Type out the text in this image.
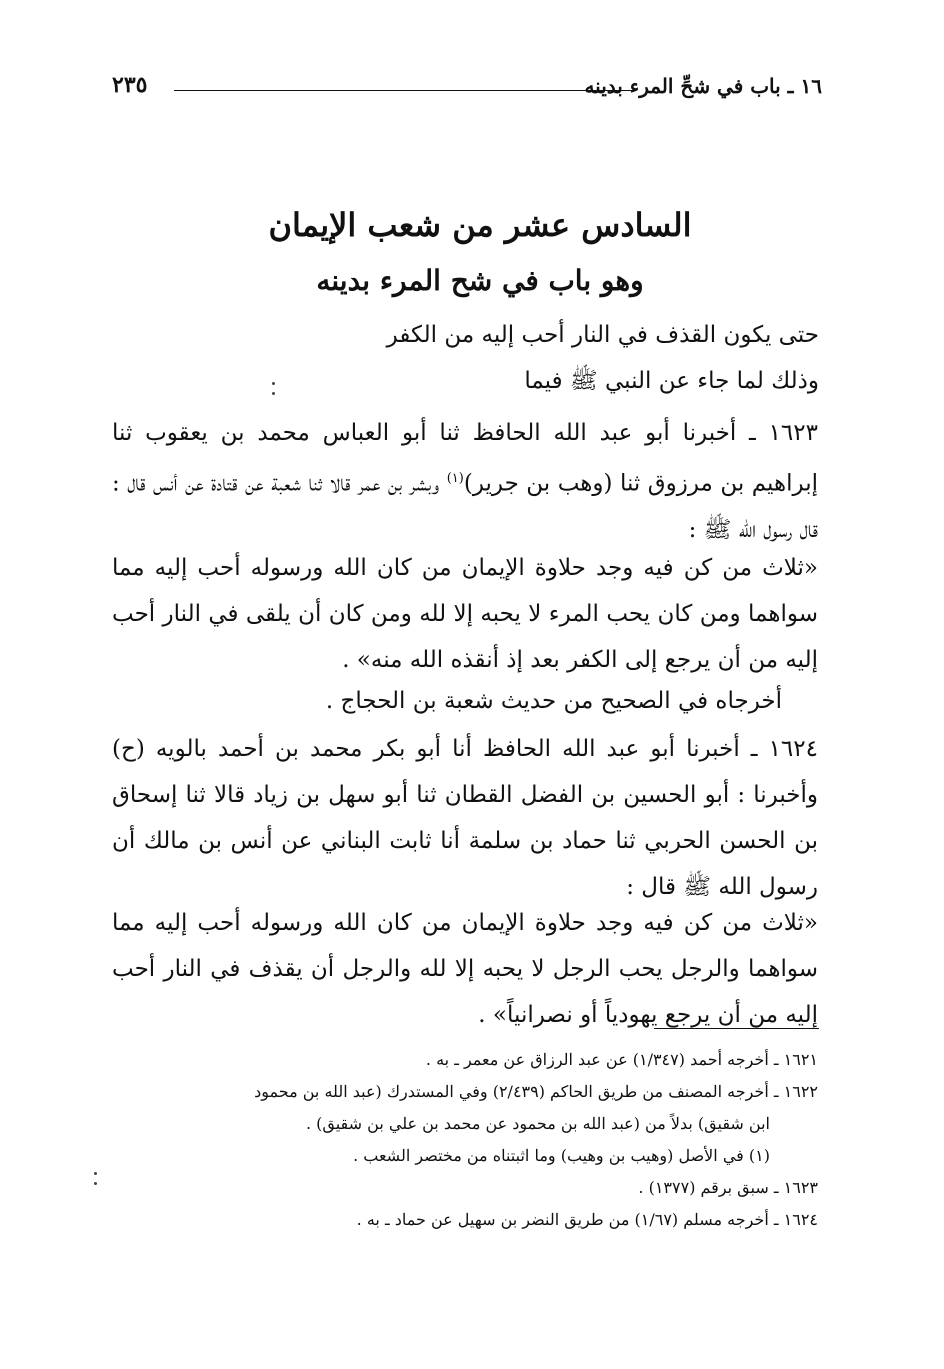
١٦ ـ باب في شحِّ المرء بدينه
٢٣٥
السادس عشر من شعب الإيمان
وهو باب في شح المرء بدينه
حتى يكون القذف في النار أحب إليه من الكفر
وذلك لما جاء عن النبي ﷺ فيما
١٦٢٣ ـ أخبرنا أبو عبد الله الحافظ ثنا أبو العباس محمد بن يعقوب ثنا إبراهيم بن مرزوق ثنا (وهب بن جرير)$^{(١)}$ وبشر بن عمر قالا ثنا شعبة عن قتادة عن أنس قال : قال رسول الله ﷺ :
«ثلاث من كن فيه وجد حلاوة الإيمان من كان الله ورسوله أحب إليه مما سواهما ومن كان يحب المرء لا يحبه إلا لله ومن كان أن يلقى في النار أحب إليه من أن يرجع إلى الكفر بعد إذ أنقذه الله منه» .
أخرجاه في الصحيح من حديث شعبة بن الحجاج .
١٦٢٤ ـ أخبرنا أبو عبد الله الحافظ أنا أبو بكر محمد بن أحمد بالويه (ح) وأخبرنا : أبو الحسين بن الفضل القطان ثنا أبو سهل بن زياد قالا ثنا إسحاق بن الحسن الحربي ثنا حماد بن سلمة أنا ثابت البناني عن أنس بن مالك أن رسول الله ﷺ قال :
«ثلاث من كن فيه وجد حلاوة الإيمان من كان الله ورسوله أحب إليه مما سواهما والرجل يحب الرجل لا يحبه إلا لله والرجل أن يقذف في النار أحب إليه من أن يرجع يهودياً أو نصرانياً» .
١٦٢١ ـ أخرجه أحمد (١/٣٤٧) عن عبد الرزاق عن معمر ـ به .
١٦٢٢ ـ أخرجه المصنف من طريق الحاكم (٢/٤٣٩) وفي المستدرك (عبد الله بن محمود
ابن شقيق) بدلاً من (عبد الله بن محمود عن محمد بن علي بن شقيق) .
(١) في الأصل (وهيب بن وهيب) وما اثبتناه من مختصر الشعب .
١٦٢٣ ـ سبق برقم (١٣٧٧) .
١٦٢٤ ـ أخرجه مسلم (١/٦٧) من طريق النضر بن سهيل عن حماد ـ به .
